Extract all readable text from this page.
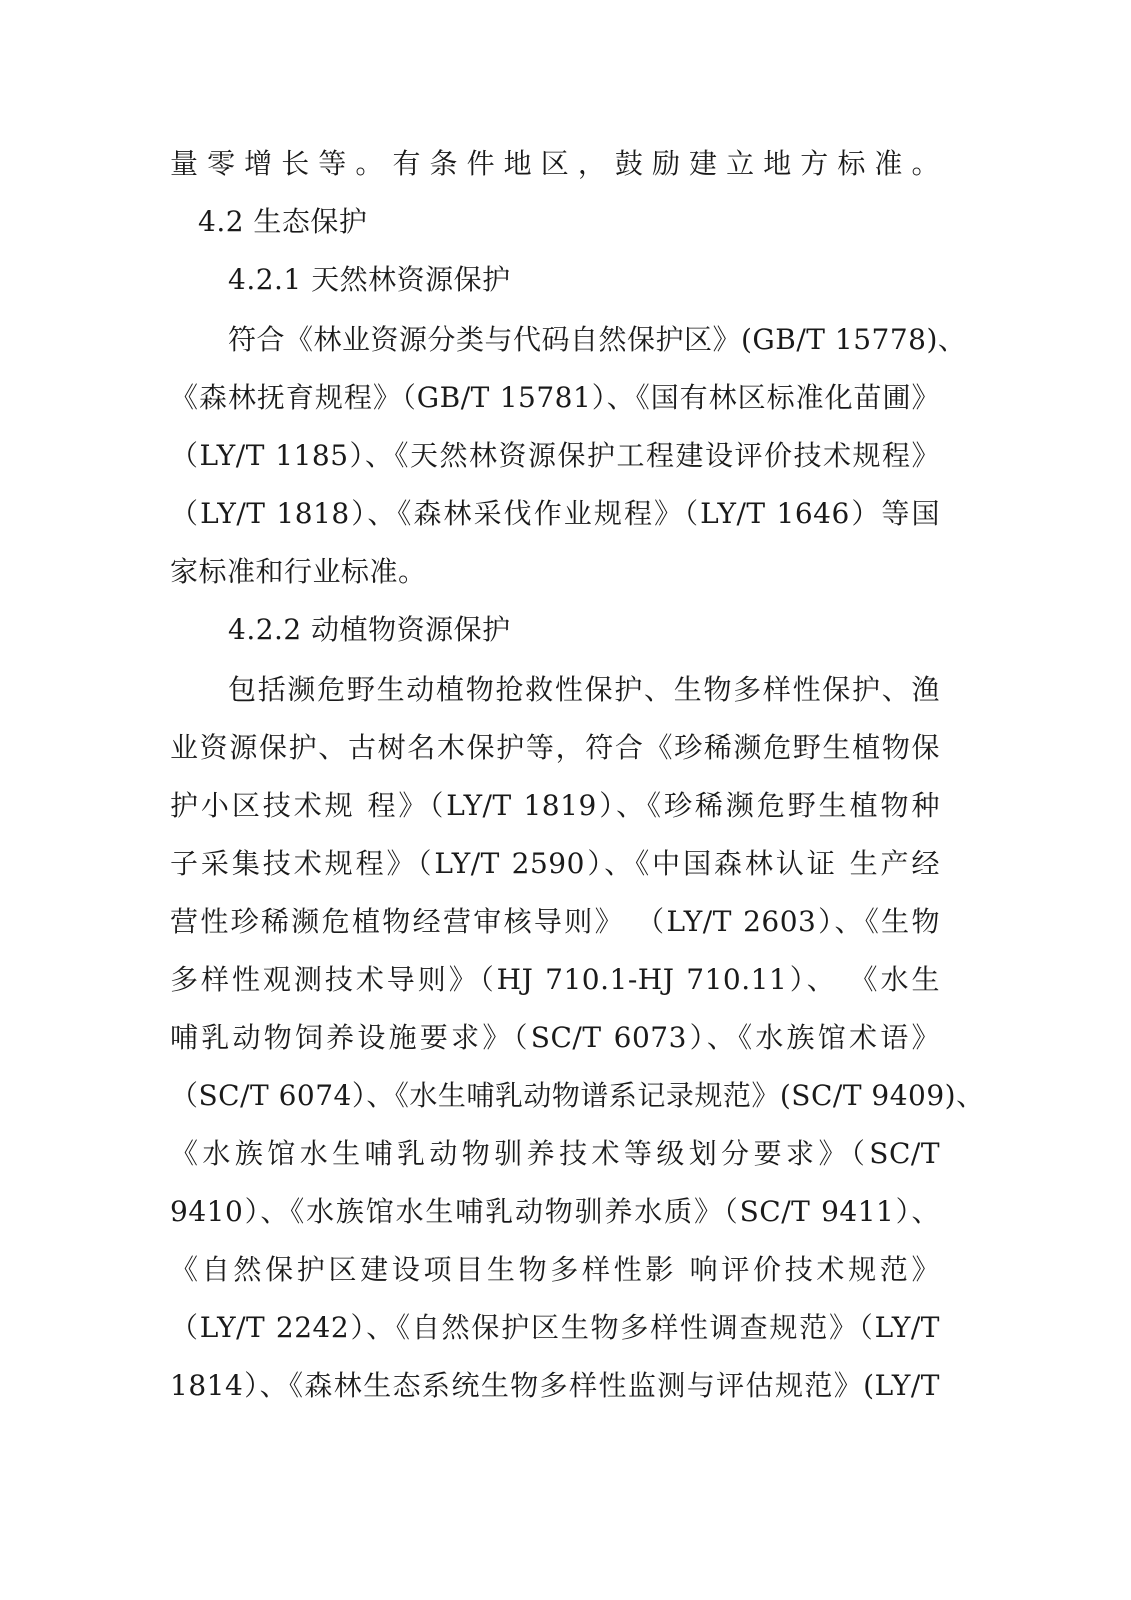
量零增长等。有条件地区，鼓励建立地方标准。
4.2 生态保护
4.2.1 天然林资源保护
符合《林业资源分类与代码自然保护区》(GB/T 15778)、
《森林抚育规程》（GB/T 15781）、《国有林区标准化苗圃》
（LY/T 1185）、《天然林资源保护工程建设评价技术规程》
（LY/T 1818）、《森林采伐作业规程》（LY/T 1646）等国
家标准和行业标准。
4.2.2 动植物资源保护
包括濒危野生动植物抢救性保护、生物多样性保护、渔
业资源保护、古树名木保护等，符合《珍稀濒危野生植物保
护小区技术规 程》（LY/T 1819）、《珍稀濒危野生植物种
子采集技术规程》（LY/T 2590）、《中国森林认证 生产经
营性珍稀濒危植物经营审核导则》 （LY/T 2603）、《生物
多样性观测技术导则》（HJ 710.1-HJ 710.11）、 《水生
哺乳动物饲养设施要求》（SC/T 6073）、《水族馆术语》
（SC/T 6074）、《水生哺乳动物谱系记录规范》(SC/T 9409)、
《水族馆水生哺乳动物驯养技术等级划分要求》（SC/T
9410）、《水族馆水生哺乳动物驯养水质》（SC/T 9411）、
《自然保护区建设项目生物多样性影 响评价技术规范》
（LY/T 2242）、《自然保护区生物多样性调查规范》（LY/T
1814）、《森林生态系统生物多样性监测与评估规范》(LY/T
